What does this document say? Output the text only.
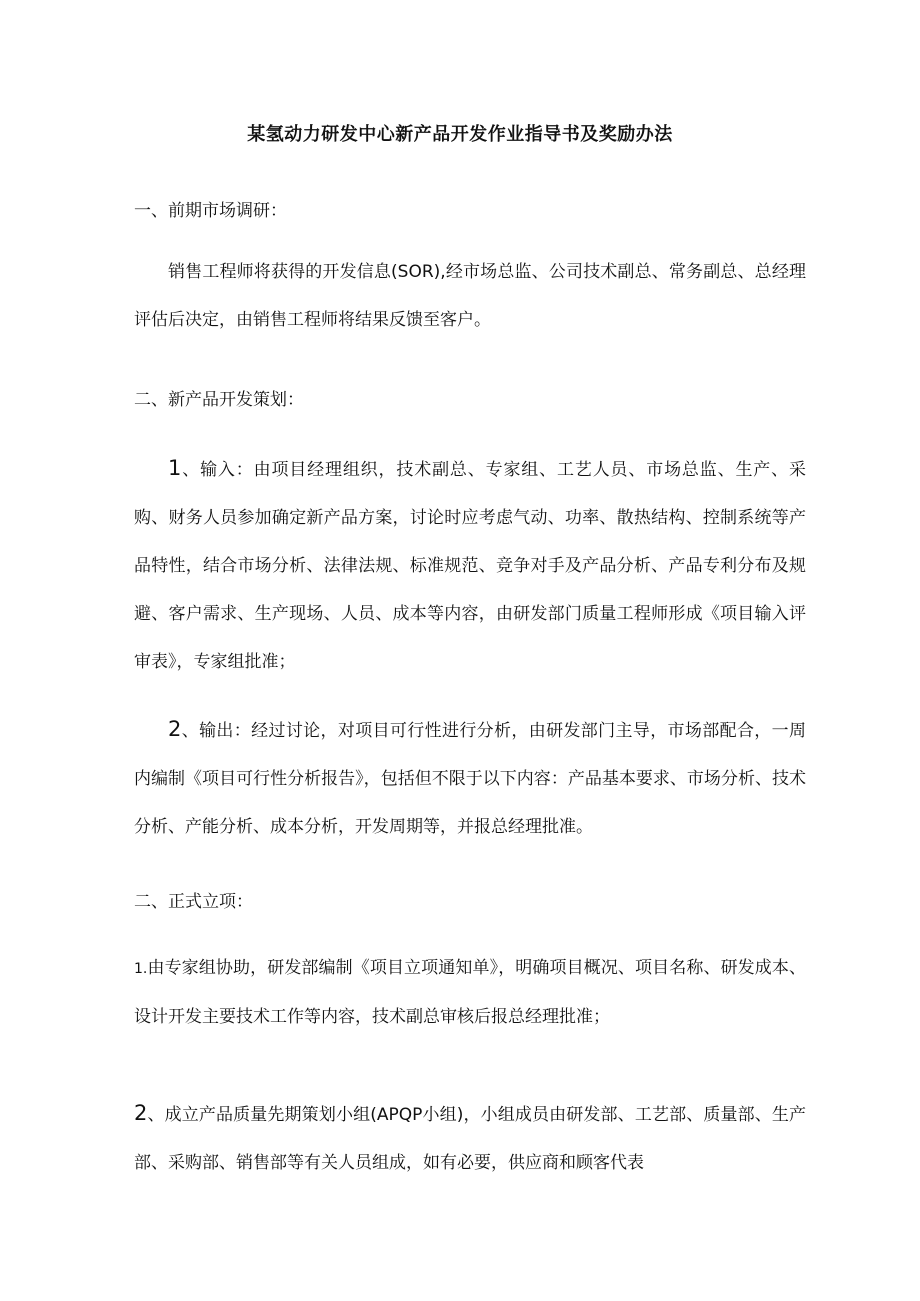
某氢动力研发中心新产品开发作业指导书及奖励办法
一、前期市场调研：

销售工程师将获得的开发信息(SOR),经市场总监、公司技术副总、常务副总、总经理评估后决定，由销售工程师将结果反馈至客户。

二、新产品开发策划：

1、输入：由项目经理组织，技术副总、专家组、工艺人员、市场总监、生产、采购、财务人员参加确定新产品方案，讨论时应考虑气动、功率、散热结构、控制系统等产品特性，结合市场分析、法律法规、标准规范、竞争对手及产品分析、产品专利分布及规避、客户需求、生产现场、人员、成本等内容，由研发部门质量工程师形成《项目输入评审表》，专家组批准；

2、输出：经过讨论，对项目可行性进行分析，由研发部门主导，市场部配合，一周内编制《项目可行性分析报告》，包括但不限于以下内容：产品基本要求、市场分析、技术分析、产能分析、成本分析，开发周期等，并报总经理批准。

二、正式立项：

1.由专家组协助，研发部编制《项目立项通知单》，明确项目概况、项目名称、研发成本、设计开发主要技术工作等内容，技术副总审核后报总经理批准；

2、成立产品质量先期策划小组(APQP小组)，小组成员由研发部、工艺部、质量部、生产部、采购部、销售部等有关人员组成，如有必要，供应商和顾客代表
